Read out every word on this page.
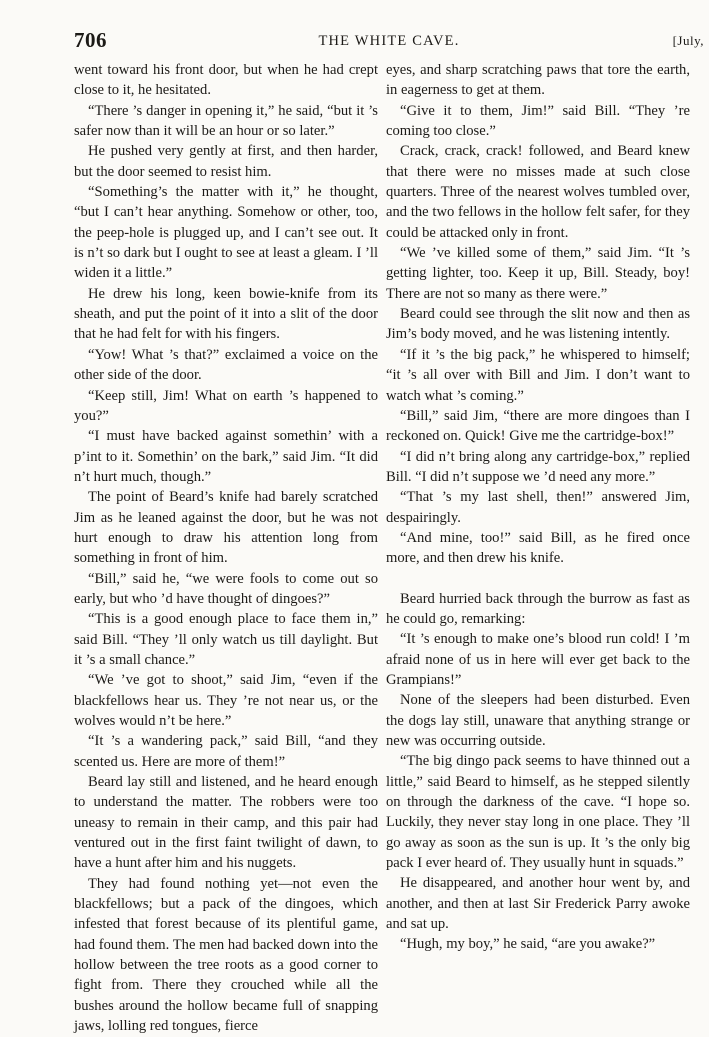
706	THE WHITE CAVE.	[July,

went toward his front door, but when he had crept close to it, he hesitated.

“There ’s danger in opening it,” he said, “but it ’s safer now than it will be an hour or so later.”

He pushed very gently at first, and then harder, but the door seemed to resist him.

“Something’s the matter with it,” he thought, “but I can’t hear anything. Somehow or other, too, the peep-hole is plugged up, and I can’t see out. It is n’t so dark but I ought to see at least a gleam. I ’ll widen it a little.”

He drew his long, keen bowie-knife from its sheath, and put the point of it into a slit of the door that he had felt for with his fingers.

“Yow! What ’s that?” exclaimed a voice on the other side of the door.

“Keep still, Jim! What on earth ’s happened to you?”

“I must have backed against somethin’ with a p’int to it. Somethin’ on the bark,” said Jim. “It did n’t hurt much, though.”

The point of Beard’s knife had barely scratched Jim as he leaned against the door, but he was not hurt enough to draw his attention long from something in front of him.

“Bill,” said he, “we were fools to come out so early, but who ’d have thought of dingoes?”

“This is a good enough place to face them in,” said Bill. “They ’ll only watch us till daylight. But it ’s a small chance.”

“We ’ve got to shoot,” said Jim, “even if the blackfellows hear us. They ’re not near us, or the wolves would n’t be here.”

“It ’s a wandering pack,” said Bill, “and they scented us. Here are more of them!”

Beard lay still and listened, and he heard enough to understand the matter. The robbers were too uneasy to remain in their camp, and this pair had ventured out in the first faint twilight of dawn, to have a hunt after him and his nuggets.

They had found nothing yet—not even the blackfellows; but a pack of the dingoes, which infested that forest because of its plentiful game, had found them. The men had backed down into the hollow between the tree roots as a good corner to fight from. There they crouched while all the bushes around the hollow became full of snapping jaws, lolling red tongues, fierce

eyes, and sharp scratching paws that tore the earth, in eagerness to get at them.

“Give it to them, Jim!” said Bill. “They ’re coming too close.”

Crack, crack, crack! followed, and Beard knew that there were no misses made at such close quarters. Three of the nearest wolves tumbled over, and the two fellows in the hollow felt safer, for they could be attacked only in front.

“We ’ve killed some of them,” said Jim. “It ’s getting lighter, too. Keep it up, Bill. Steady, boy! There are not so many as there were.”

Beard could see through the slit now and then as Jim’s body moved, and he was listening intently.

“If it ’s the big pack,” he whispered to himself; “it ’s all over with Bill and Jim. I don’t want to watch what ’s coming.”

“Bill,” said Jim, “there are more dingoes than I reckoned on. Quick! Give me the cartridge-box!”

“I did n’t bring along any cartridge-box,” replied Bill. “I did n’t suppose we ’d need any more.”

“That ’s my last shell, then!” answered Jim, despairingly.

“And mine, too!” said Bill, as he fired once more, and then drew his knife.

Beard hurried back through the burrow as fast as he could go, remarking:

“It ’s enough to make one’s blood run cold! I ’m afraid none of us in here will ever get back to the Grampians!”

None of the sleepers had been disturbed. Even the dogs lay still, unaware that anything strange or new was occurring outside.

“The big dingo pack seems to have thinned out a little,” said Beard to himself, as he stepped silently on through the darkness of the cave. “I hope so. Luckily, they never stay long in one place. They ’ll go away as soon as the sun is up. It ’s the only big pack I ever heard of. They usually hunt in squads.”

He disappeared, and another hour went by, and another, and then at last Sir Frederick Parry awoke and sat up.

“Hugh, my boy,” he said, “are you awake?”
